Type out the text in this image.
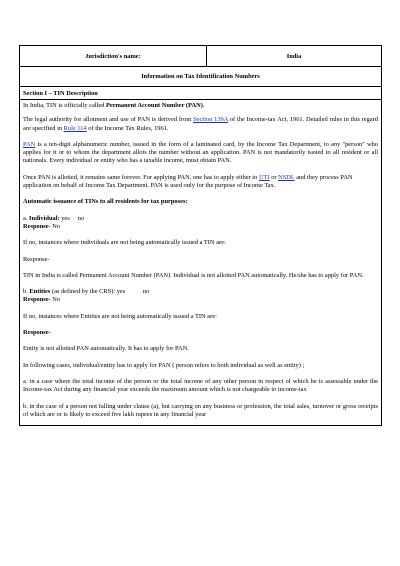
Jurisdiction's name:	India
Information on Tax Identification Numbers
Section I – TIN Description

In India, TIN is officially called Permanent Account Number (PAN).

The legal authority for allotment and use of PAN is derived from Section 139A of the Income-tax Act, 1961. Detailed rules in this regard are specified in Rule 114 of the Income Tax Rules, 1961.

PAN is a ten-digit alphanumeric number, issued in the form of a laminated card, by the Income Tax Department, to any "person" who applies for it or to whom the department allots the number without an application. PAN is not mandatorily issued to all resident or all nationals. Every individual or entity who has a taxable income, must obtain PAN.

Once PAN is allotted, it remains same forever. For applying PAN, one has to apply either to UTI or NSDL and they process PAN application on behalf of Income Tax Department. PAN is used only for the purpose of Income Tax.

Automatic issuance of TINs to all residents for tax purposes:

a. Individual: yes no
Response- No

If no, instances where individuals are not being automatically issued a TIN are:

Response-

TIN in India is called Permanent Account Number (PAN). Individual is not allotted PAN automatically. He/she has to apply for PAN.

b. Entities (as defined by the CRS): yes	no
Response- No

If no, instances where Entities are not being automatically issued a TIN are:

Response-

Entity is not allotted PAN automatically. It has to apply for PAN.

In following cases, individual/entity has to apply for PAN ( person refers to both individual as well as entity) ;

a. in a case where the total income of the person or the total income of any other person in respect of which he is assessable under the Income-tax Act during any financial year exceeds the maximum amount which is not chargeable to income-tax

b. in the case of a person not falling under clause (a), but carrying on any business or profession, the total sales, turnover or gross receipts of which are or is likely to exceed five lakh rupees in any financial year
